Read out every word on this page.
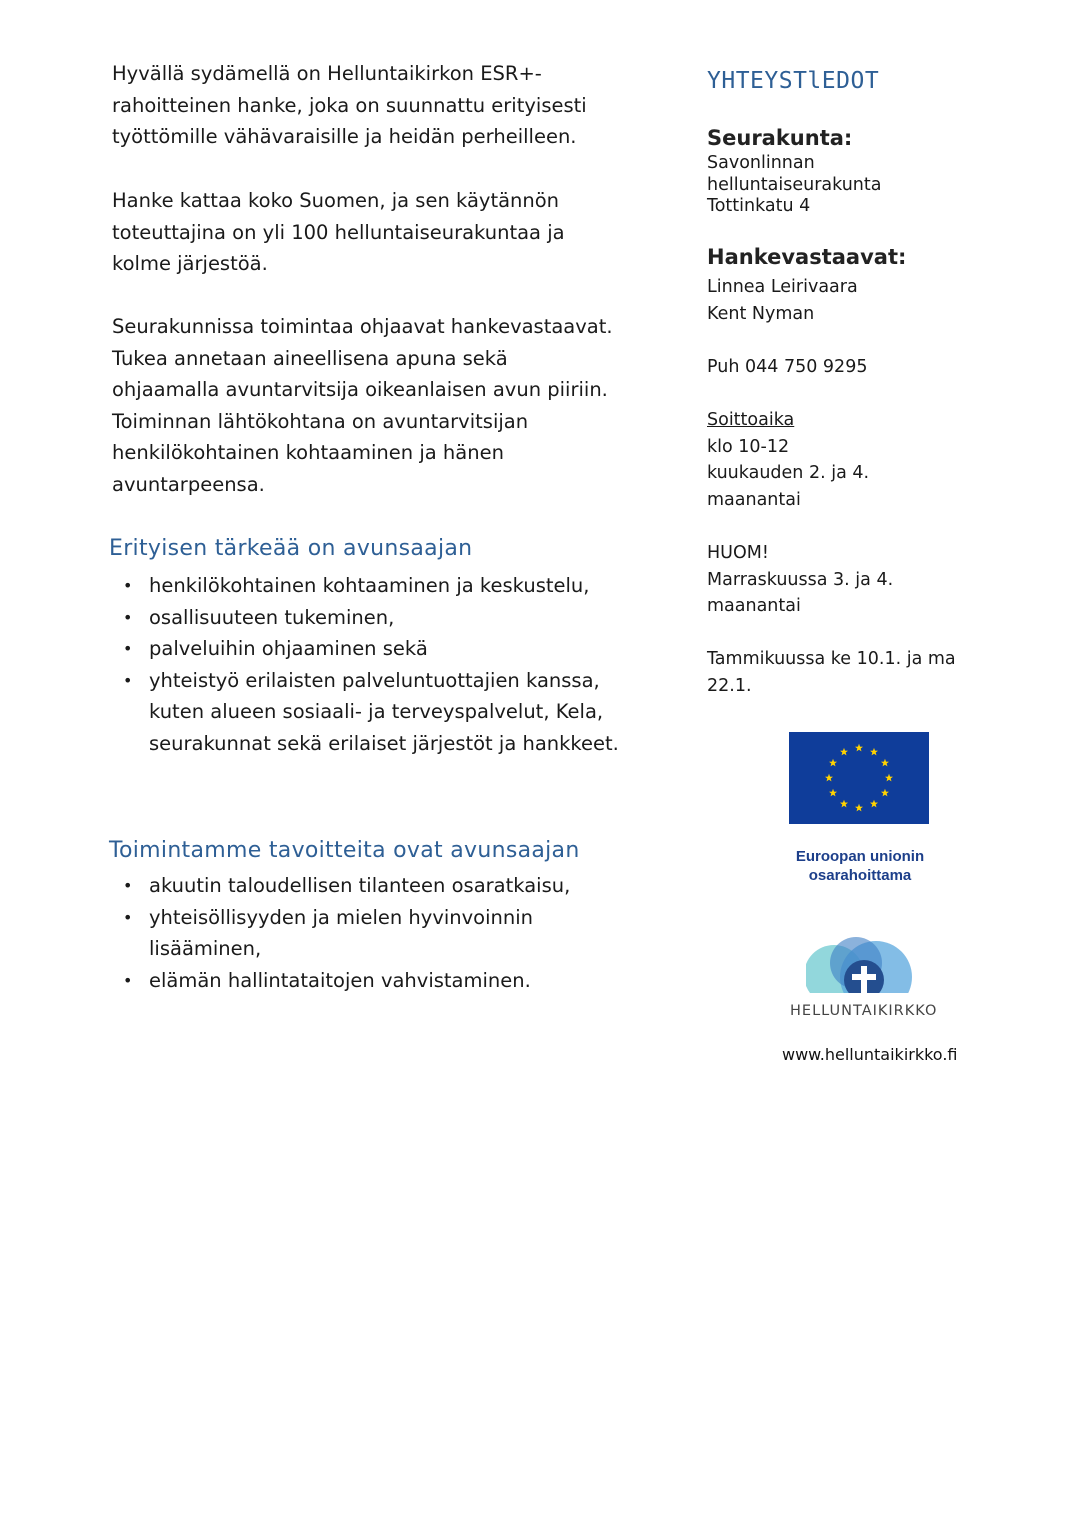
Hyvällä sydämellä on Helluntaikirkon ESR+-
rahoitteinen hanke, joka on suunnattu erityisesti
työttömille vähävaraisille ja heidän perheilleen.

Hanke kattaa koko Suomen, ja sen käytännön
toteuttajina on yli 100 helluntaiseurakuntaa ja
kolme järjestöä.

Seurakunnissa toimintaa ohjaavat hankevastaavat.
Tukea annetaan aineellisena apuna sekä
ohjaamalla avuntarvitsija oikeanlaisen avun piiriin.
Toiminnan lähtökohtana on avuntarvitsijan
henkilökohtainen kohtaaminen ja hänen
avuntarpeensa.

Erityisen tärkeää on avunsaajan
• henkilökohtainen kohtaaminen ja keskustelu,
• osallisuuteen tukeminen,
• palveluihin ohjaaminen sekä
• yhteistyö erilaisten palveluntuottajien kanssa, kuten alueen sosiaali- ja terveyspalvelut, Kela, seurakunnat sekä erilaiset järjestöt ja hankkeet.
Toimintamme tavoitteita ovat avunsaajan
• akuutin taloudellisen tilanteen osaratkaisu,
• yhteisöllisyyden ja mielen hyvinvoinnin lisääminen,
• elämän hallintataitojen vahvistaminen.
YHTEYSTlEDOT
Seurakunta:
Savonlinnan
helluntaiseurakunta
Tottinkatu 4
Hankevastaavat:
Linnea Leirivaara
Kent Nyman
Puh 044 750 9295
Soittoaika
klo 10-12
kuukauden 2. ja 4.
maanantai
HUOM!
Marraskuussa 3. ja 4.
maanantai
Tammikuussa ke 10.1. ja ma
22.1.
Euroopan unionin
osarahoittama
HELLUNTAIKIRKKO
www.helluntaikirkko.fi
